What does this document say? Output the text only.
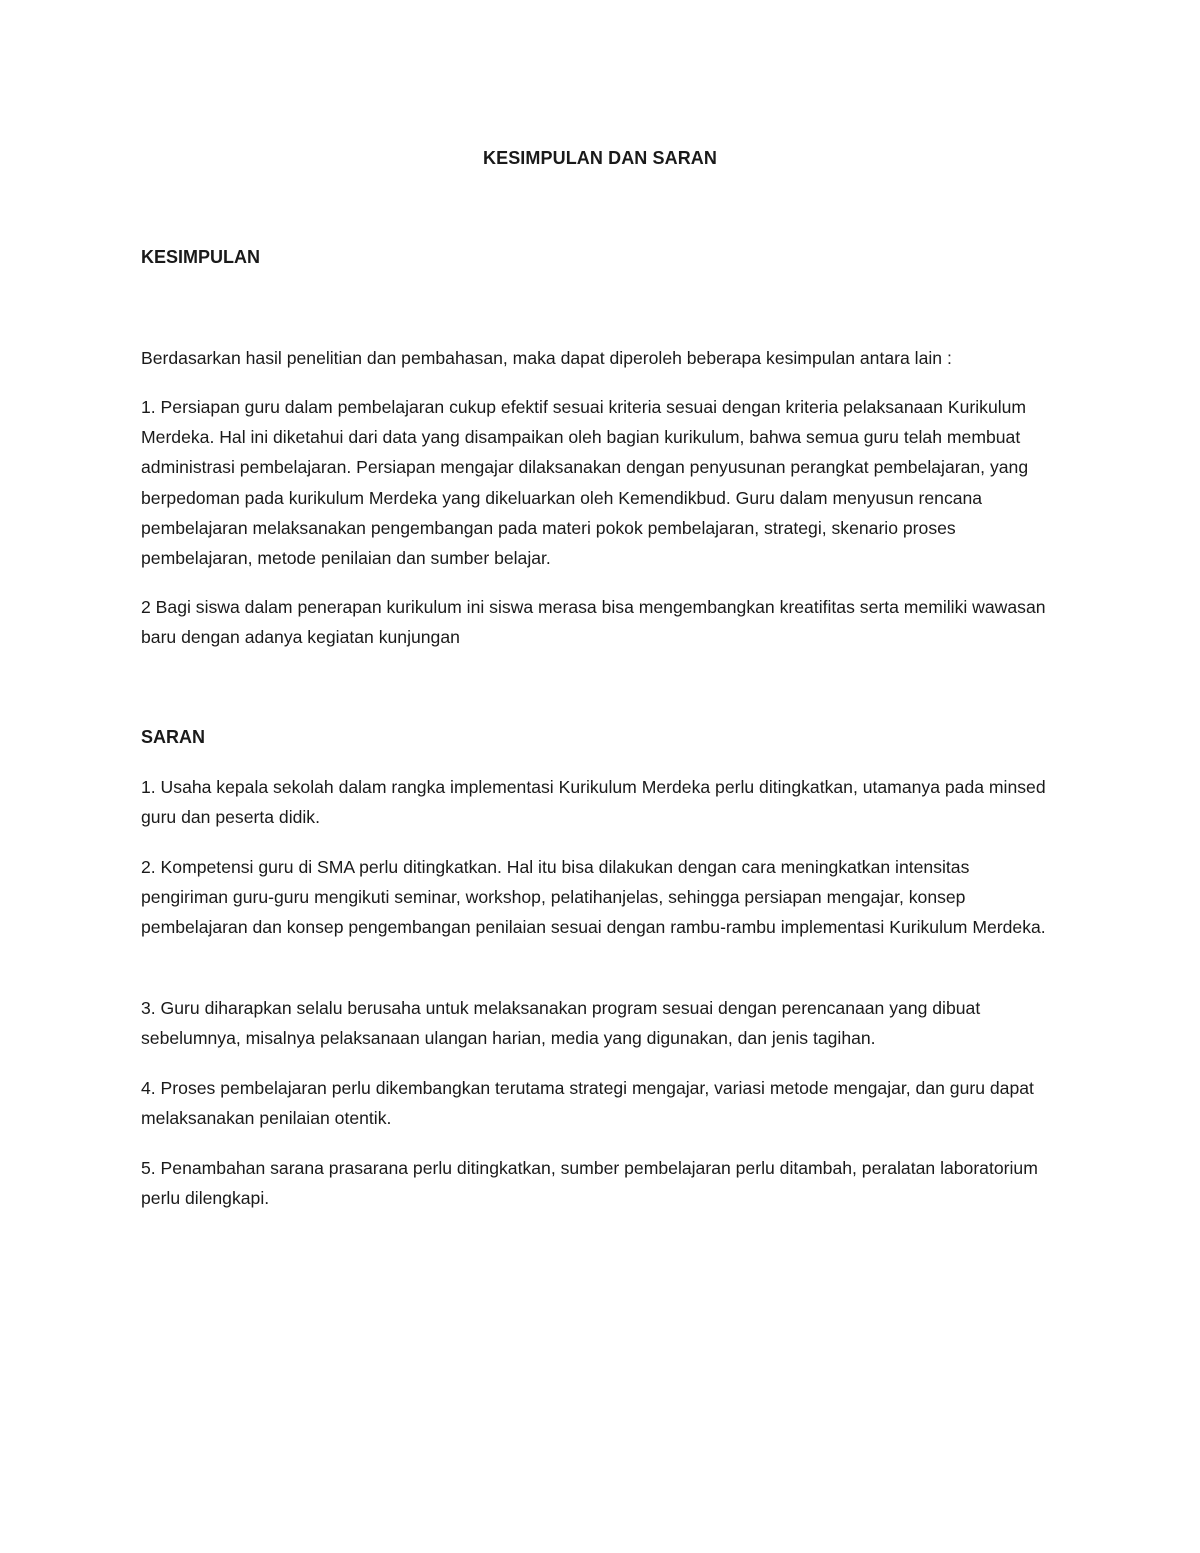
KESIMPULAN DAN SARAN
KESIMPULAN

Berdasarkan hasil penelitian dan pembahasan, maka dapat diperoleh beberapa kesimpulan antara lain :

1. Persiapan guru dalam pembelajaran cukup efektif sesuai kriteria sesuai dengan kriteria pelaksanaan Kurikulum Merdeka. Hal ini diketahui dari data yang disampaikan oleh bagian kurikulum, bahwa semua guru telah membuat administrasi pembelajaran. Persiapan mengajar dilaksanakan dengan penyusunan perangkat pembelajaran, yang berpedoman pada kurikulum Merdeka yang dikeluarkan oleh Kemendikbud. Guru dalam menyusun rencana pembelajaran melaksanakan pengembangan pada materi pokok pembelajaran, strategi, skenario proses pembelajaran, metode penilaian dan sumber belajar.

2 Bagi siswa dalam penerapan kurikulum ini siswa merasa bisa mengembangkan kreatifitas serta memiliki wawasan baru dengan adanya kegiatan kunjungan

SARAN

1. Usaha kepala sekolah dalam rangka implementasi Kurikulum Merdeka perlu ditingkatkan, utamanya pada minsed guru dan peserta didik.

2. Kompetensi guru di SMA perlu ditingkatkan. Hal itu bisa dilakukan dengan cara meningkatkan intensitas pengiriman guru-guru mengikuti seminar, workshop, pelatihanjelas, sehingga persiapan mengajar, konsep pembelajaran dan konsep pengembangan penilaian sesuai dengan rambu-rambu implementasi Kurikulum Merdeka.

3. Guru diharapkan selalu berusaha untuk melaksanakan program sesuai dengan perencanaan yang dibuat sebelumnya, misalnya pelaksanaan ulangan harian, media yang digunakan, dan jenis tagihan.

4. Proses pembelajaran perlu dikembangkan terutama strategi mengajar, variasi metode mengajar, dan guru dapat melaksanakan penilaian otentik.

5. Penambahan sarana prasarana perlu ditingkatkan, sumber pembelajaran perlu ditambah, peralatan laboratorium perlu dilengkapi.
